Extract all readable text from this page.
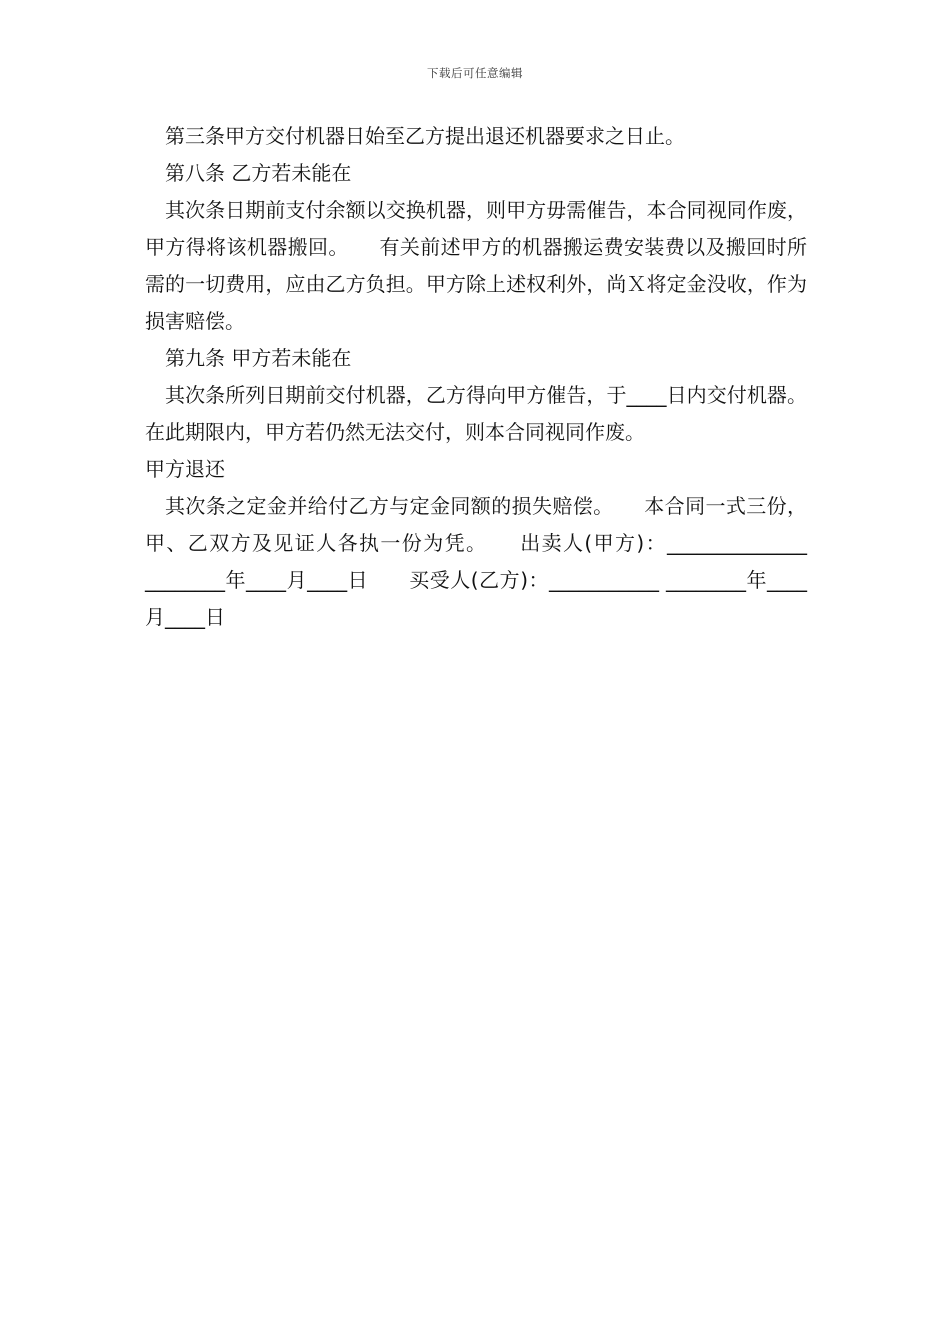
下载后可任意编辑

第三条甲方交付机器日始至乙方提出退还机器要求之日止。

第八条 乙方若未能在

其次条日期前支付余额以交换机器，则甲方毋需催告，本合同视同作废，甲方得将该机器搬回。　　有关前述甲方的机器搬运费安装费以及搬回时所需的一切费用，应由乙方负担。甲方除上述权利外，尚Ｘ将定金没收，作为损害赔偿。

第九条 甲方若未能在

其次条所列日期前交付机器，乙方得向甲方催告，于____日内交付机器。在此期限内，甲方若仍然无法交付，则本合同视同作废。

甲方退还

其次条之定金并给付乙方与定金同额的损失赔偿。　　本合同一式三份，甲、乙双方及见证人各执一份为凭。　　出卖人(甲方)：______________ ________年____月____日　　买受人(乙方)：___________ ________年____月____日
